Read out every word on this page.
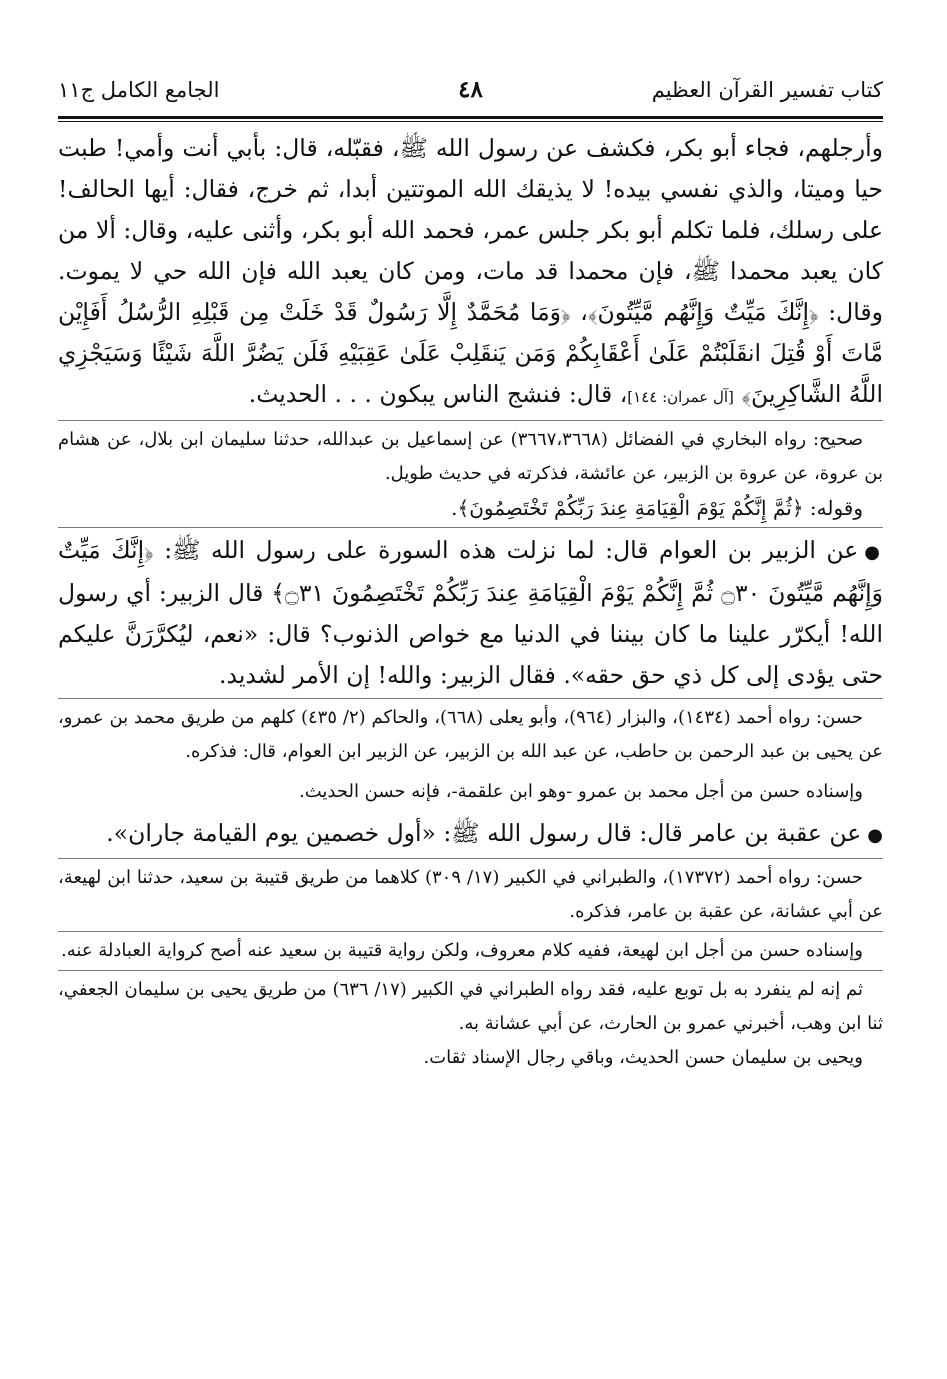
كتاب تفسير القرآن العظيم
٤٨
الجامع الكامل ج١١

وأرجلهم، فجاء أبو بكر، فكشف عن رسول الله ﷺ، فقبّله، قال: بأبي أنت وأمي! طبت حيا وميتا، والذي نفسي بيده! لا يذيقك الله الموتتين أبدا، ثم خرج، فقال: أيها الحالف! على رسلك، فلما تكلم أبو بكر جلس عمر، فحمد الله أبو بكر، وأثنى عليه، وقال: ألا من كان يعبد محمدا ﷺ، فإن محمدا قد مات، ومن كان يعبد الله فإن الله حي لا يموت. وقال: ﴿إِنَّكَ مَيِّتٌ وَإِنَّهُم مَّيِّتُونَ﴾، ﴿وَمَا مُحَمَّدٌ إِلَّا رَسُولٌ قَدْ خَلَتْ مِن قَبْلِهِ الرُّسُلُ أَفَإِيْن مَّاتَ أَوْ قُتِلَ انقَلَبْتُمْ عَلَىٰ أَعْقَابِكُمْ وَمَن يَنقَلِبْ عَلَىٰ عَقِبَيْهِ فَلَن يَضُرَّ اللَّهَ شَيْئًا وَسَيَجْزِي اللَّهُ الشَّاكِرِينَ﴾ [آل عمران: ١٤٤]، قال: فنشج الناس يبكون . . . الحديث.

صحيح: رواه البخاري في الفضائل (٣٦٦٧،٣٦٦٨) عن إسماعيل بن عبدالله، حدثنا سليمان ابن بلال، عن هشام بن عروة، عن عروة بن الزبير، عن عائشة، فذكرته في حديث طويل.

وقوله: ﴿ثُمَّ إِنَّكُمْ يَوْمَ الْقِيَامَةِ عِندَ رَبِّكُمْ تَخْتَصِمُونَ﴾.

●عن الزبير بن العوام قال: لما نزلت هذه السورة على رسول الله ﷺ: ﴿إِنَّكَ مَيِّتٌ وَإِنَّهُم مَّيِّتُونَ ۝٣٠ ثُمَّ إِنَّكُمْ يَوْمَ الْقِيَامَةِ عِندَ رَبِّكُمْ تَخْتَصِمُونَ ۝٣١﴾ قال الزبير: أي رسول الله! أيكرّر علينا ما كان بيننا في الدنيا مع خواص الذنوب؟ قال: «نعم، ليُكرَّرَنَّ عليكم حتى يؤدى إلى كل ذي حق حقه». فقال الزبير: والله! إن الأمر لشديد.

حسن: رواه أحمد (١٤٣٤)، والبزار (٩٦٤)، وأبو يعلى (٦٦٨)، والحاكم (٢/ ٤٣٥) كلهم من طريق محمد بن عمرو، عن يحيى بن عبد الرحمن بن حاطب، عن عبد الله بن الزبير، عن الزبير ابن العوام، قال: فذكره.

وإسناده حسن من أجل محمد بن عمرو -وهو ابن علقمة-، فإنه حسن الحديث.

●عن عقبة بن عامر قال: قال رسول الله ﷺ: «أول خصمين يوم القيامة جاران».

حسن: رواه أحمد (١٧٣٧٢)، والطبراني في الكبير (١٧/ ٣٠٩) كلاهما من طريق قتيبة بن سعيد، حدثنا ابن لهيعة، عن أبي عشانة، عن عقبة بن عامر، فذكره.

وإسناده حسن من أجل ابن لهيعة، ففيه كلام معروف، ولكن رواية قتيبة بن سعيد عنه أصح كرواية العبادلة عنه.

ثم إنه لم ينفرد به بل توبع عليه، فقد رواه الطبراني في الكبير (١٧/ ٦٣٦) من طريق يحيى بن سليمان الجعفي، ثنا ابن وهب، أخبرني عمرو بن الحارث، عن أبي عشانة به.

ويحيى بن سليمان حسن الحديث، وباقي رجال الإسناد ثقات.
